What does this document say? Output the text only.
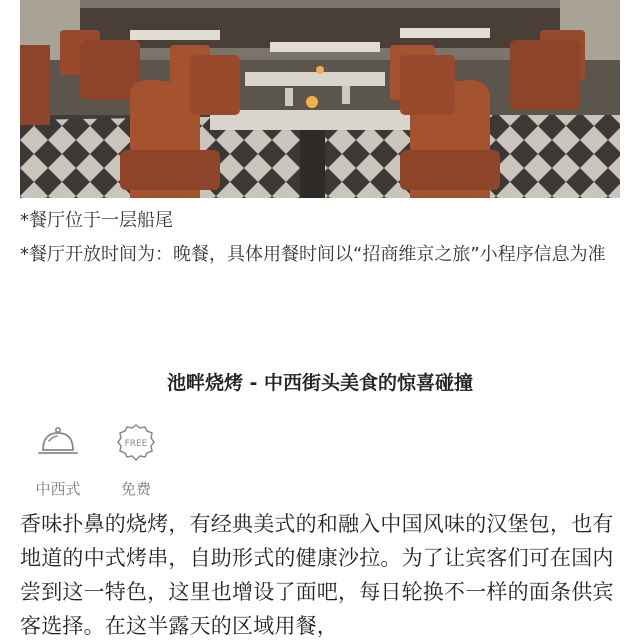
*餐厅位于一层船尾

*餐厅开放时间为：晚餐，具体用餐时间以“招商维京之旅”小程序信息为准

池畔烧烤 - 中西街头美食的惊喜碰撞
中西式
FREE
免费

香味扑鼻的烧烤，有经典美式的和融入中国风味的汉堡包，也有地道的中式烤串，自助形式的健康沙拉。为了让宾客们可在国内尝到这一特色，这里也增设了面吧，每日轮换不一样的面条供宾客选择。在这半露天的区域用餐，
